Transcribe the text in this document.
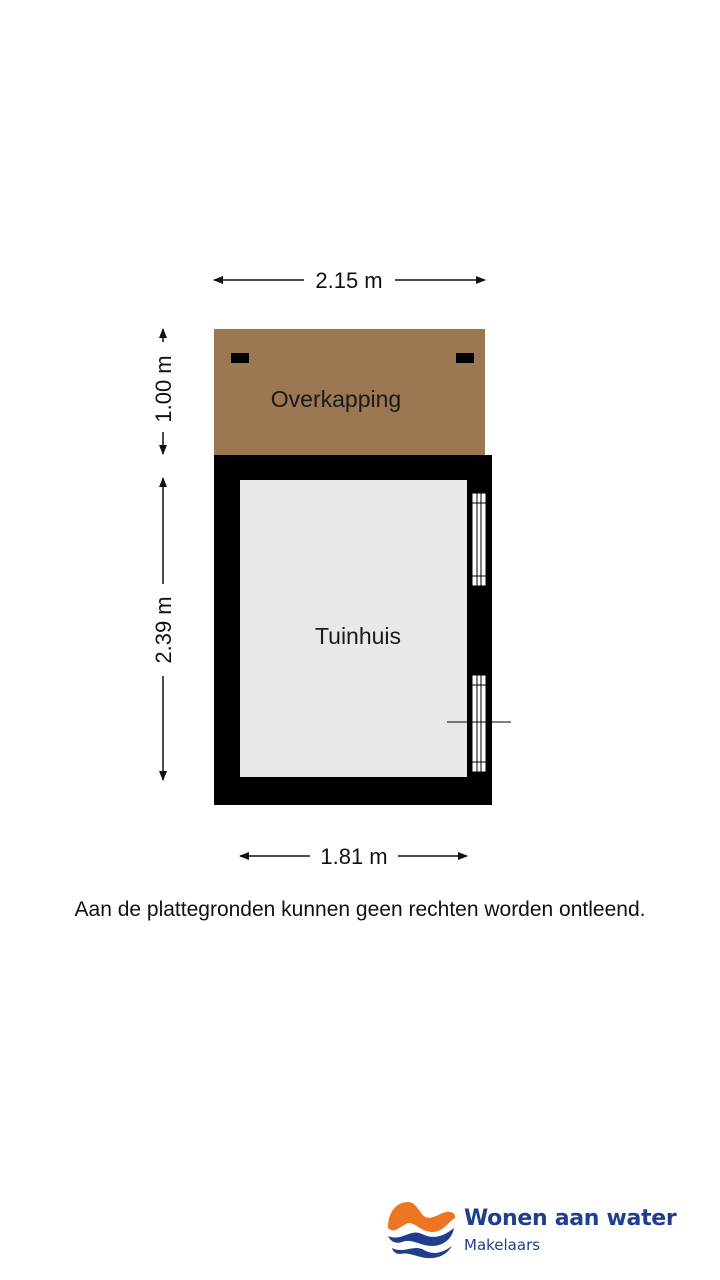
2.15 m
1.00 m
2.39 m
Overkapping
Tuinhuis
1.81 m
Aan de plattegronden kunnen geen rechten worden ontleend.
Wonen aan water
Makelaars
